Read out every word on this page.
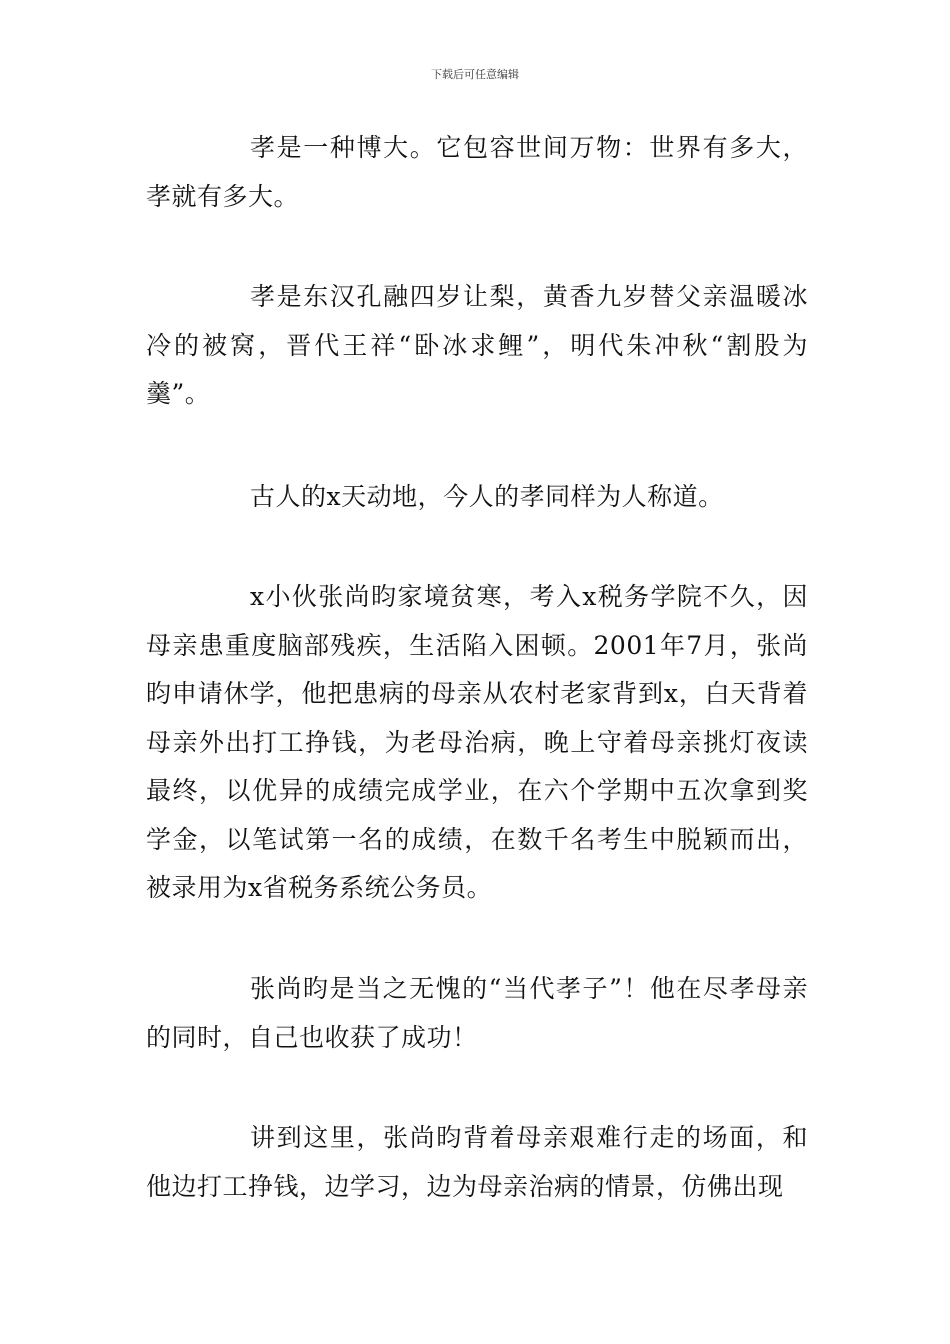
下载后可任意编辑

孝是一种博大。它包容世间万物：世界有多大，孝就有多大。

孝是东汉孔融四岁让梨，黄香九岁替父亲温暖冰冷的被窝，晋代王祥“卧冰求鲤”，明代朱冲秋“割股为羹”。

古人的x天动地，今人的孝同样为人称道。

x小伙张尚昀家境贫寒，考入x税务学院不久，因母亲患重度脑部残疾，生活陷入困顿。2001年7月，张尚昀申请休学，他把患病的母亲从农村老家背到x，白天背着母亲外出打工挣钱，为老母治病，晚上守着母亲挑灯夜读最终，以优异的成绩完成学业，在六个学期中五次拿到奖学金，以笔试第一名的成绩，在数千名考生中脱颖而出，被录用为x省税务系统公务员。

张尚昀是当之无愧的“当代孝子”！他在尽孝母亲的同时，自己也收获了成功！

讲到这里，张尚昀背着母亲艰难行走的场面，和他边打工挣钱，边学习，边为母亲治病的情景，仿佛出现
